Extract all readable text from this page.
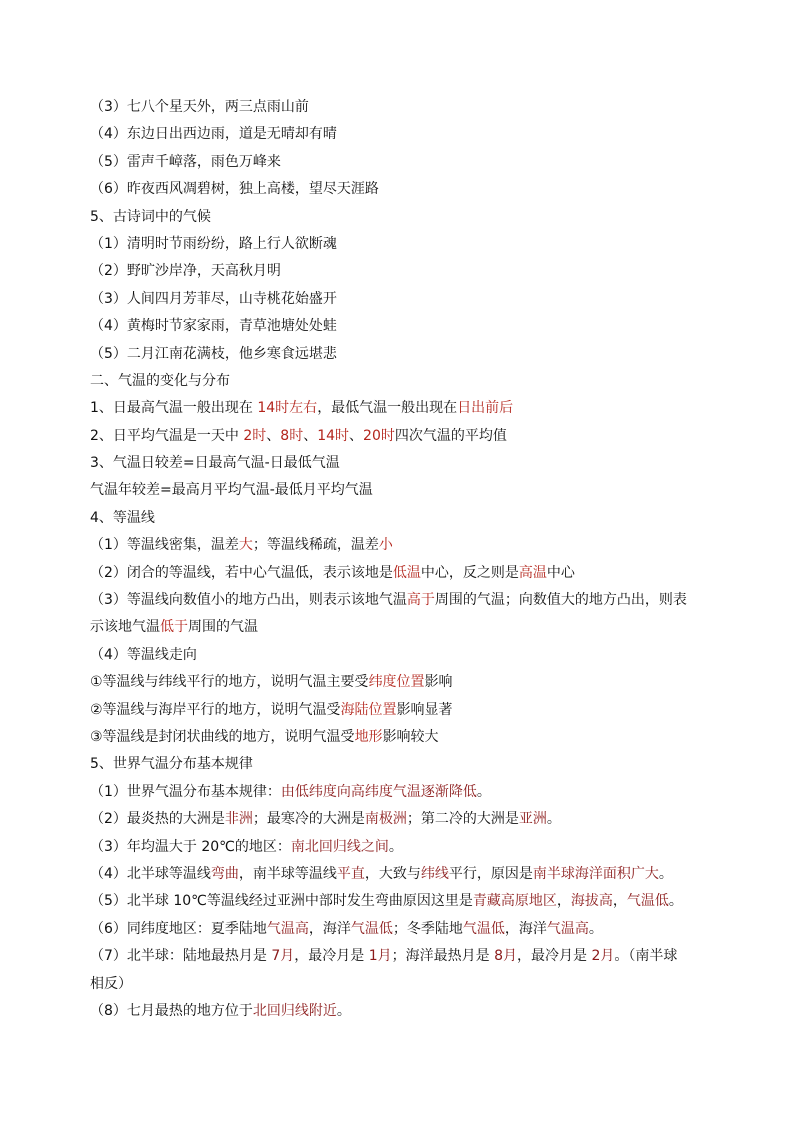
（3）七八个星天外，两三点雨山前
（4）东边日出西边雨，道是无晴却有晴
（5）雷声千嶂落，雨色万峰来
（6）昨夜西风凋碧树，独上高楼，望尽天涯路
5、古诗词中的气候
（1）清明时节雨纷纷，路上行人欲断魂
（2）野旷沙岸净，天高秋月明
（3）人间四月芳菲尽，山寺桃花始盛开
（4）黄梅时节家家雨，青草池塘处处蛙
（5）二月江南花满枝，他乡寒食远堪悲
二、气温的变化与分布
1、日最高气温一般出现在 14时左右，最低气温一般出现在日出前后
2、日平均气温是一天中 2时、8时、14时、20时四次气温的平均值
3、气温日较差=日最高气温-日最低气温
气温年较差=最高月平均气温-最低月平均气温
4、等温线
（1）等温线密集，温差大；等温线稀疏，温差小
（2）闭合的等温线，若中心气温低，表示该地是低温中心，反之则是高温中心
（3）等温线向数值小的地方凸出，则表示该地气温高于周围的气温；向数值大的地方凸出，则表
示该地气温低于周围的气温
（4）等温线走向
①等温线与纬线平行的地方，说明气温主要受纬度位置影响
②等温线与海岸平行的地方，说明气温受海陆位置影响显著
③等温线是封闭状曲线的地方，说明气温受地形影响较大
5、世界气温分布基本规律
（1）世界气温分布基本规律：由低纬度向高纬度气温逐渐降低。
（2）最炎热的大洲是非洲；最寒冷的大洲是南极洲；第二冷的大洲是亚洲。
（3）年均温大于 20℃的地区：南北回归线之间。
（4）北半球等温线弯曲，南半球等温线平直，大致与纬线平行，原因是南半球海洋面积广大。
（5）北半球 10℃等温线经过亚洲中部时发生弯曲原因这里是青藏高原地区，海拔高，气温低。
（6）同纬度地区：夏季陆地气温高，海洋气温低；冬季陆地气温低，海洋气温高。
（7）北半球：陆地最热月是 7月，最冷月是 1月；海洋最热月是 8月，最冷月是 2月。（南半球
相反）
（8）七月最热的地方位于北回归线附近。
